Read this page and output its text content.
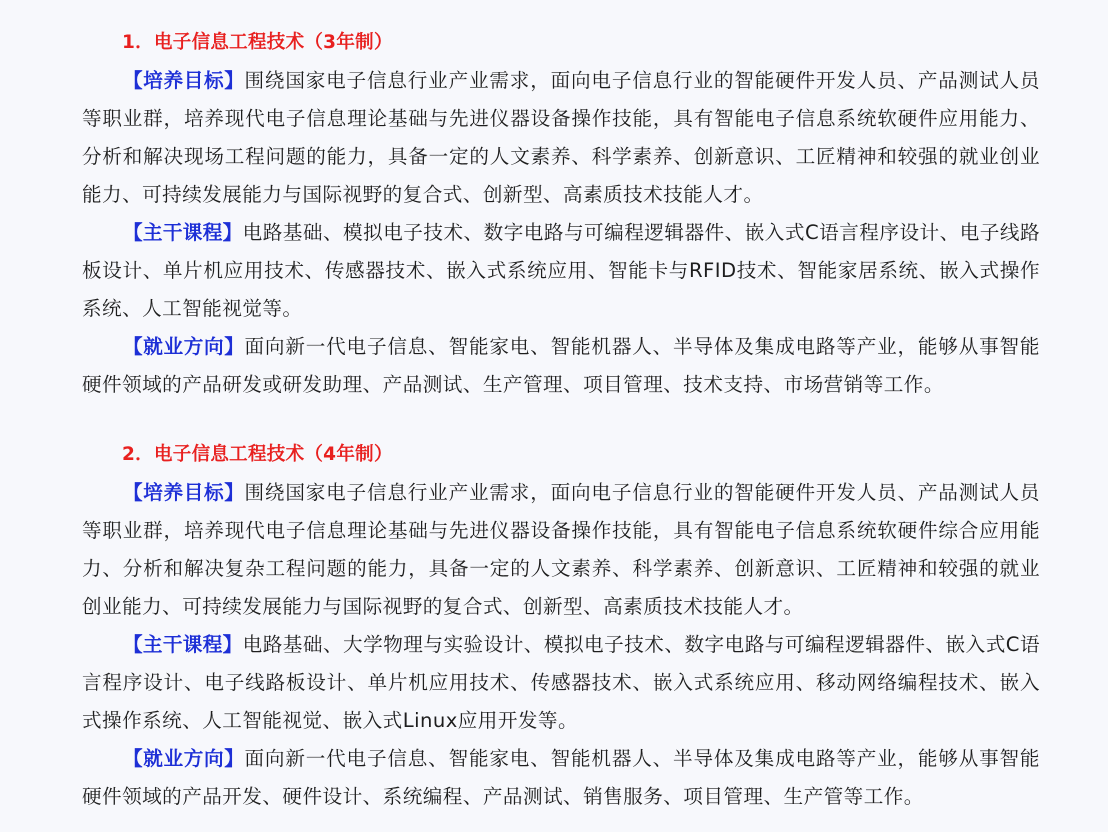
1．电子信息工程技术（3年制）

【培养目标】围绕国家电子信息行业产业需求，面向电子信息行业的智能硬件开发人员、产品测试人员等职业群，培养现代电子信息理论基础与先进仪器设备操作技能，具有智能电子信息系统软硬件应用能力、分析和解决现场工程问题的能力，具备一定的人文素养、科学素养、创新意识、工匠精神和较强的就业创业能力、可持续发展能力与国际视野的复合式、创新型、高素质技术技能人才。

【主干课程】电路基础、模拟电子技术、数字电路与可编程逻辑器件、嵌入式C语言程序设计、电子线路板设计、单片机应用技术、传感器技术、嵌入式系统应用、智能卡与RFID技术、智能家居系统、嵌入式操作系统、人工智能视觉等。

【就业方向】面向新一代电子信息、智能家电、智能机器人、半导体及集成电路等产业，能够从事智能硬件领域的产品研发或研发助理、产品测试、生产管理、项目管理、技术支持、市场营销等工作。

2．电子信息工程技术（4年制）

【培养目标】围绕国家电子信息行业产业需求，面向电子信息行业的智能硬件开发人员、产品测试人员等职业群，培养现代电子信息理论基础与先进仪器设备操作技能，具有智能电子信息系统软硬件综合应用能力、分析和解决复杂工程问题的能力，具备一定的人文素养、科学素养、创新意识、工匠精神和较强的就业创业能力、可持续发展能力与国际视野的复合式、创新型、高素质技术技能人才。

【主干课程】电路基础、大学物理与实验设计、模拟电子技术、数字电路与可编程逻辑器件、嵌入式C语言程序设计、电子线路板设计、单片机应用技术、传感器技术、嵌入式系统应用、移动网络编程技术、嵌入式操作系统、人工智能视觉、嵌入式Linux应用开发等。

【就业方向】面向新一代电子信息、智能家电、智能机器人、半导体及集成电路等产业，能够从事智能硬件领域的产品开发、硬件设计、系统编程、产品测试、销售服务、项目管理、生产管等工作。
